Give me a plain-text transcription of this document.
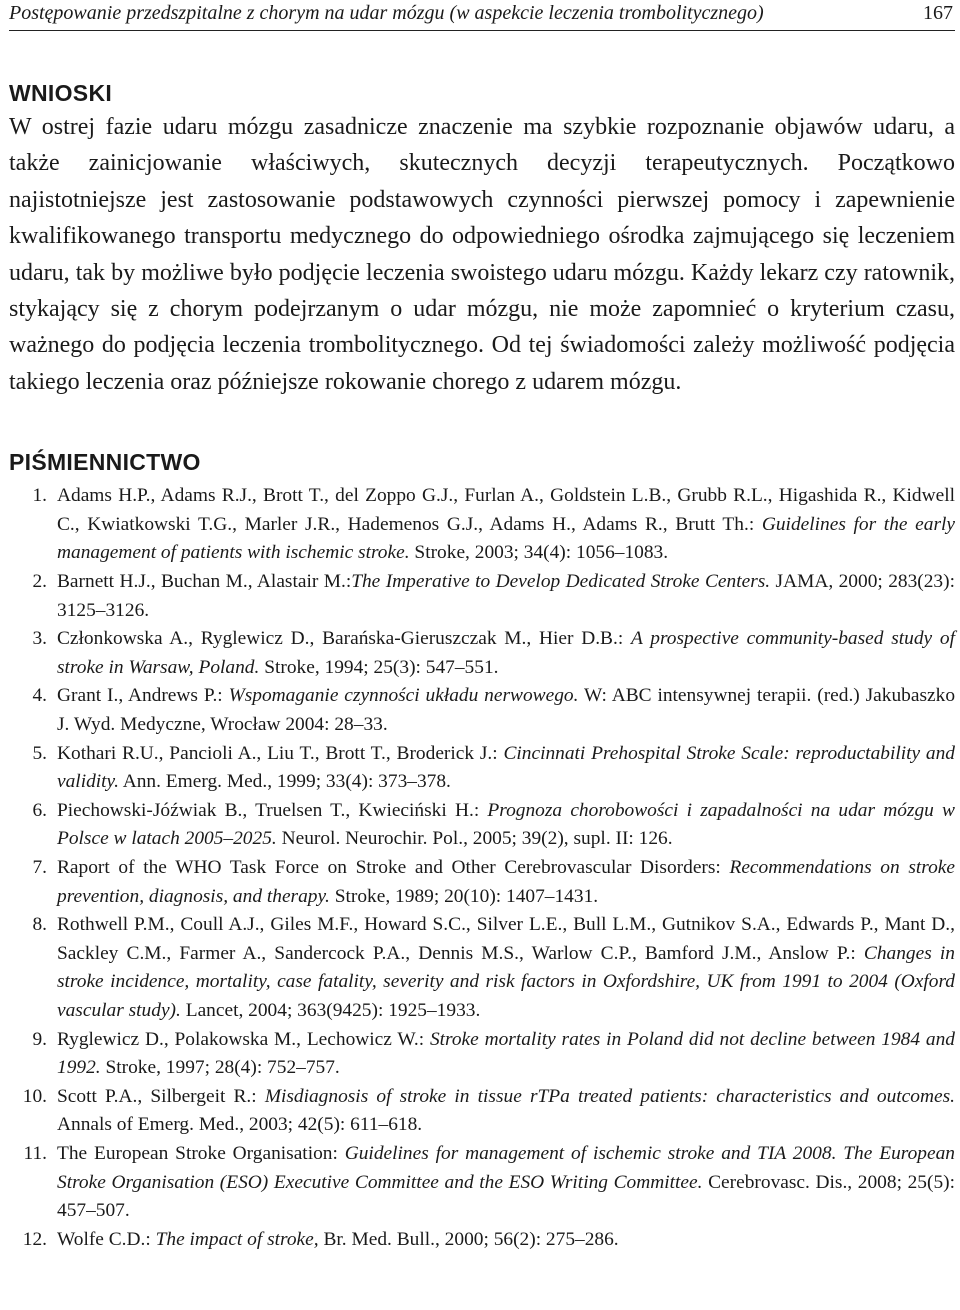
Postępowanie przedszpitalne z chorym na udar mózgu (w aspekcie leczenia trombolitycznego)	167
WNIOSKI

W ostrej fazie udaru mózgu zasadnicze znaczenie ma szybkie rozpoznanie objawów udaru, a także zainicjowanie właściwych, skutecznych decyzji terapeutycznych. Początkowo najistotniejsze jest zastosowanie podstawowych czynności pierwszej pomocy i zapewnienie kwalifikowanego transportu medycznego do odpowiedniego ośrodka zajmującego się leczeniem udaru, tak by możliwe było podjęcie leczenia swoistego udaru mózgu. Każdy lekarz czy ratownik, stykający się z chorym podejrzanym o udar mózgu, nie może zapomnieć o kryterium czasu, ważnego do podjęcia leczenia trombolitycznego. Od tej świadomości zależy możliwość podjęcia takiego leczenia oraz późniejsze rokowanie chorego z udarem mózgu.

PIŚMIENNICTWO
1. Adams H.P., Adams R.J., Brott T., del Zoppo G.J., Furlan A., Goldstein L.B., Grubb R.L., Higashida R., Kidwell C., Kwiatkowski T.G., Marler J.R., Hademenos G.J., Adams H., Adams R., Brutt Th.: Guidelines for the early management of patients with ischemic stroke. Stroke, 2003; 34(4): 1056–1083.
2. Barnett H.J., Buchan M., Alastair M.:The Imperative to Develop Dedicated Stroke Centers. JAMA, 2000; 283(23): 3125–3126.
3. Członkowska A., Ryglewicz D., Barańska-Gieruszczak M., Hier D.B.: A prospective community-based study of stroke in Warsaw, Poland. Stroke, 1994; 25(3): 547–551.
4. Grant I., Andrews P.: Wspomaganie czynności układu nerwowego. W: ABC intensywnej terapii. (red.) Jakubaszko J. Wyd. Medyczne, Wrocław 2004: 28–33.
5. Kothari R.U., Pancioli A., Liu T., Brott T., Broderick J.: Cincinnati Prehospital Stroke Scale: reproductability and validity. Ann. Emerg. Med., 1999; 33(4): 373–378.
6. Piechowski-Jóźwiak B., Truelsen T., Kwieciński H.: Prognoza chorobowości i zapadalności na udar mózgu w Polsce w latach 2005–2025. Neurol. Neurochir. Pol., 2005; 39(2), supl. II: 126.
7. Raport of the WHO Task Force on Stroke and Other Cerebrovascular Disorders: Recommendations on stroke prevention, diagnosis, and therapy. Stroke, 1989; 20(10): 1407–1431.
8. Rothwell P.M., Coull A.J., Giles M.F., Howard S.C., Silver L.E., Bull L.M., Gutnikov S.A., Edwards P., Mant D., Sackley C.M., Farmer A., Sandercock P.A., Dennis M.S., Warlow C.P., Bamford J.M., Anslow P.: Changes in stroke incidence, mortality, case fatality, severity and risk factors in Oxfordshire, UK from 1991 to 2004 (Oxford vascular study). Lancet, 2004; 363(9425): 1925–1933.
9. Ryglewicz D., Polakowska M., Lechowicz W.: Stroke mortality rates in Poland did not decline between 1984 and 1992. Stroke, 1997; 28(4): 752–757.
10. Scott P.A., Silbergeit R.: Misdiagnosis of stroke in tissue rTPa treated patients: characteristics and outcomes. Annals of Emerg. Med., 2003; 42(5): 611–618.
11. The European Stroke Organisation: Guidelines for management of ischemic stroke and TIA 2008. The European Stroke Organisation (ESO) Executive Committee and the ESO Writing Committee. Cerebrovasc. Dis., 2008; 25(5): 457–507.
12. Wolfe C.D.: The impact of stroke, Br. Med. Bull., 2000; 56(2): 275–286.
